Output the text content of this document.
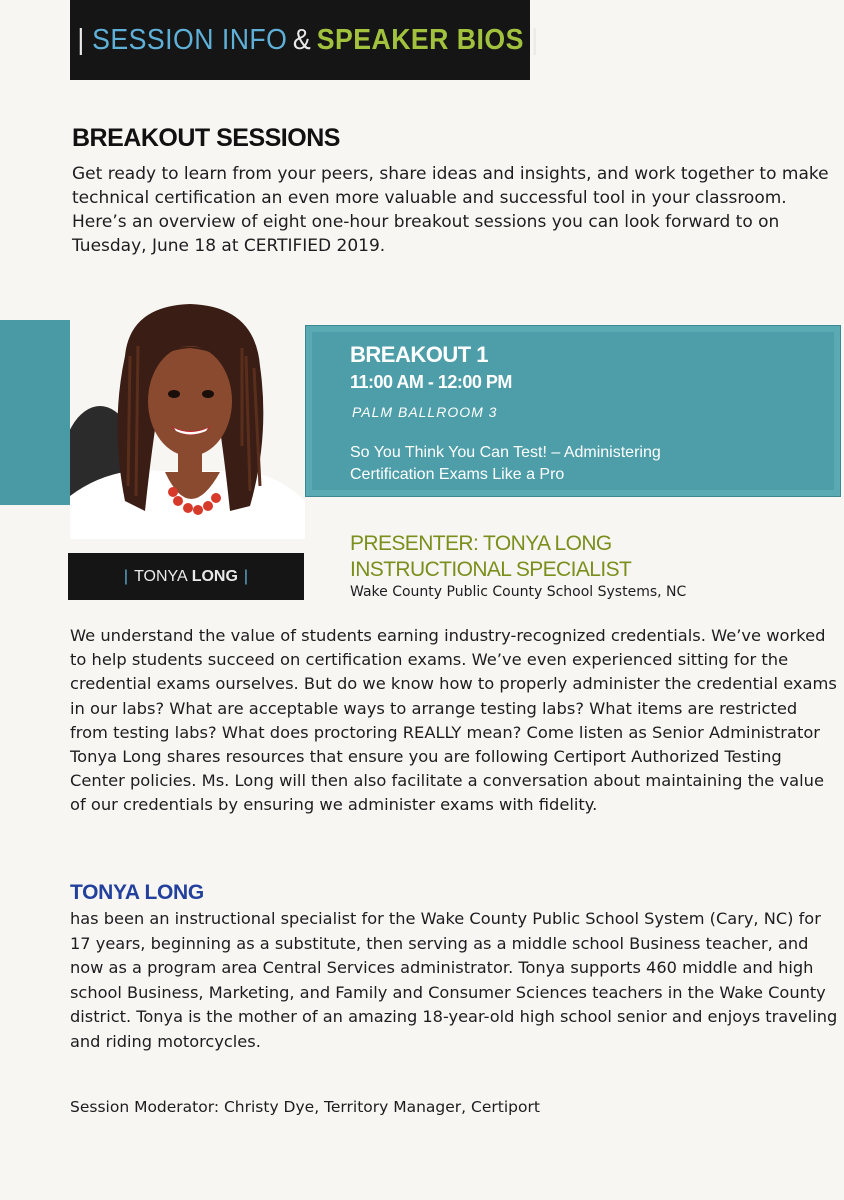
| SESSION INFO & SPEAKER BIOS |
BREAKOUT SESSIONS
Get ready to learn from your peers, share ideas and insights, and work together to make technical certification an even more valuable and successful tool in your classroom. Here’s an overview of eight one-hour breakout sessions you can look forward to on Tuesday, June 18 at CERTIFIED 2019.
BREAKOUT 1
11:00 AM - 12:00 PM
PALM BALLROOM 3
So You Think You Can Test! – Administering
Certification Exams Like a Pro
| TONYA LONG |
PRESENTER: TONYA LONG
INSTRUCTIONAL SPECIALIST
Wake County Public County School Systems, NC
We understand the value of students earning industry-recognized credentials. We’ve worked to help students succeed on certification exams. We’ve even experienced sitting for the credential exams ourselves. But do we know how to properly administer the credential exams in our labs? What are acceptable ways to arrange testing labs? What items are restricted from testing labs? What does proctoring REALLY mean? Come listen as Senior Administrator Tonya Long shares resources that ensure you are following Certiport Authorized Testing Center policies. Ms. Long will then also facilitate a conversation about maintaining the value of our credentials by ensuring we administer exams with fidelity.
TONYA LONG
has been an instructional specialist for the Wake County Public School System (Cary, NC) for 17 years, beginning as a substitute, then serving as a middle school Business teacher, and now as a program area Central Services administrator. Tonya supports 460 middle and high school Business, Marketing, and Family and Consumer Sciences teachers in the Wake County district. Tonya is the mother of an amazing 18-year-old high school senior and enjoys traveling and riding motorcycles.
Session Moderator: Christy Dye, Territory Manager, Certiport
